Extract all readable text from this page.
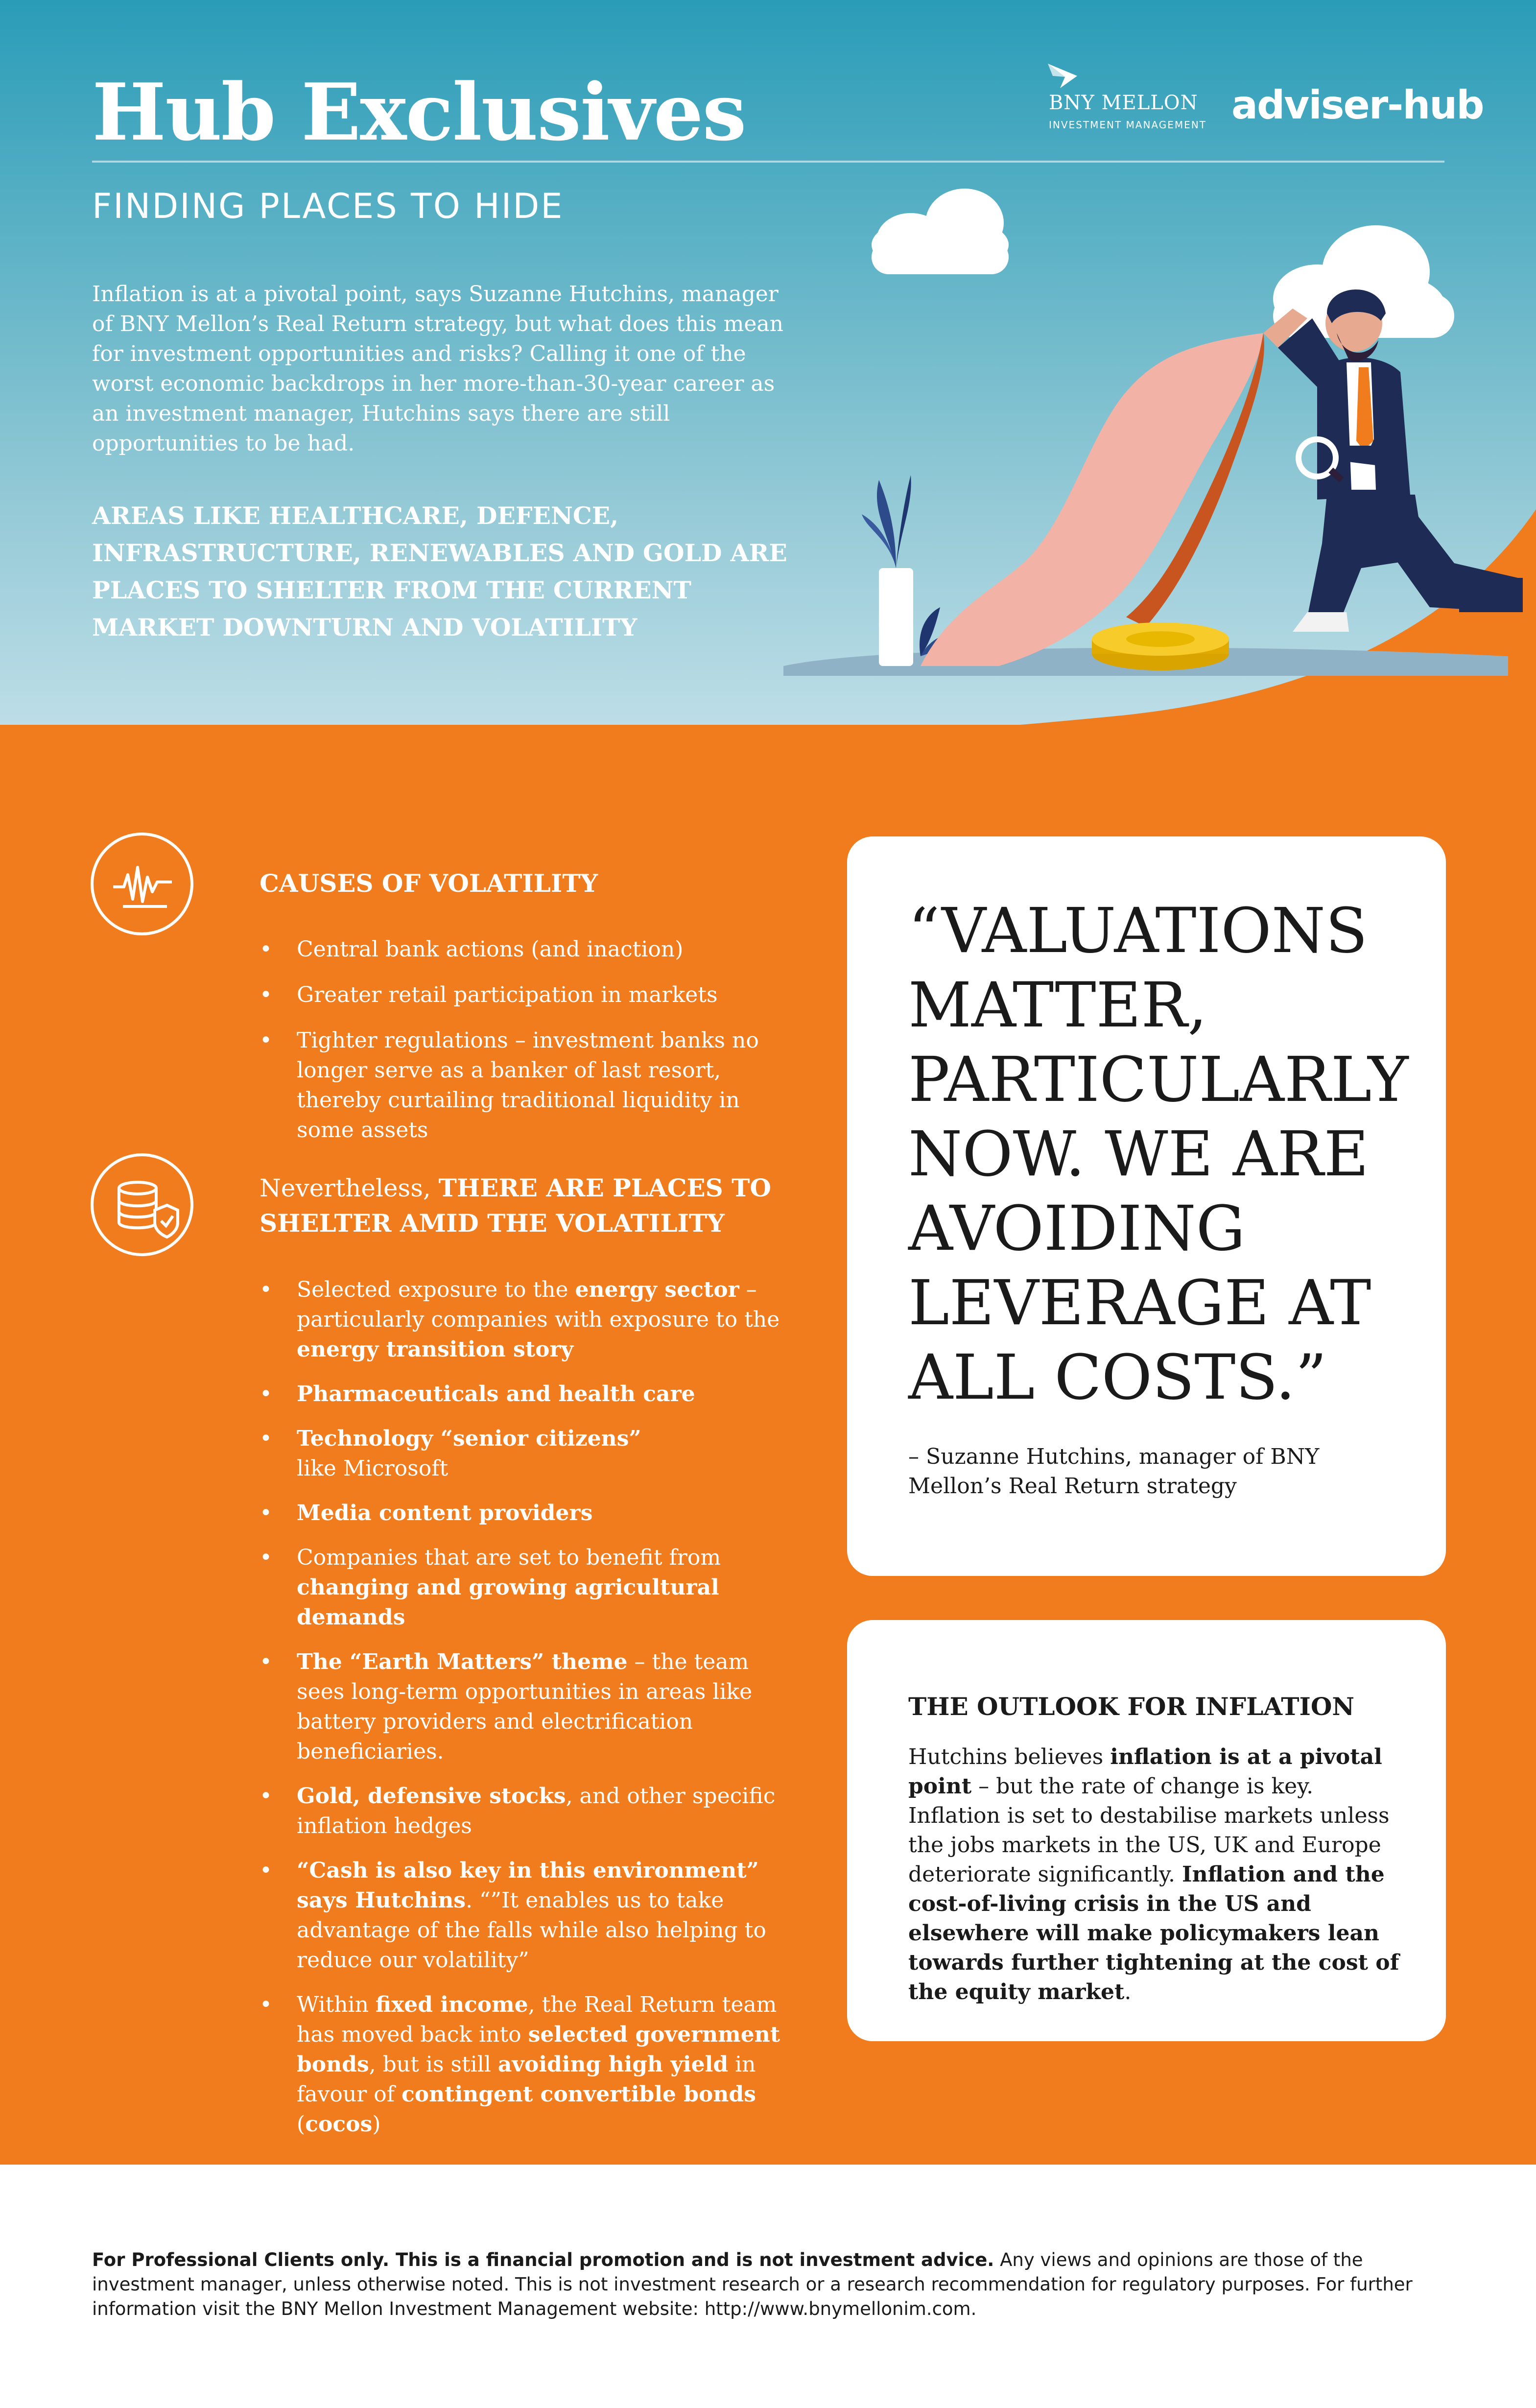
Hub Exclusives
FINDING PLACES TO HIDE
BNY MELLON
INVESTMENT MANAGEMENT adviser-hub

Inflation is at a pivotal point, says Suzanne Hutchins, manager of BNY Mellon’s Real Return strategy, but what does this mean for investment opportunities and risks? Calling it one of the worst economic backdrops in her more-than-30-year career as an investment manager, Hutchins says there are still opportunities to be had.

AREAS LIKE HEALTHCARE, DEFENCE, INFRASTRUCTURE, RENEWABLES AND GOLD ARE PLACES TO SHELTER FROM THE CURRENT MARKET DOWNTURN AND VOLATILITY

CAUSES OF VOLATILITY
• Central bank actions (and inaction)
• Greater retail participation in markets
• Tighter regulations – investment banks no longer serve as a banker of last resort, thereby curtailing traditional liquidity in some assets
Nevertheless, THERE ARE PLACES TO SHELTER AMID THE VOLATILITY
• Selected exposure to the energy sector – particularly companies with exposure to the energy transition story
• Pharmaceuticals and health care
• Technology “senior citizens”
like Microsoft
• Media content providers
• Companies that are set to benefit from changing and growing agricultural demands
• The “Earth Matters” theme – the team sees long-term opportunities in areas like battery providers and electrification beneficiaries.
• Gold, defensive stocks, and other specific inflation hedges
• “Cash is also key in this environment” says Hutchins. “”It enables us to take advantage of the falls while also helping to reduce our volatility”
• Within fixed income, the Real Return team has moved back into selected government bonds, but is still avoiding high yield in favour of contingent convertible bonds (cocos)

“VALUATIONS MATTER, PARTICULARLY NOW. WE ARE AVOIDING LEVERAGE AT ALL COSTS.”

– Suzanne Hutchins, manager of BNY Mellon’s Real Return strategy

THE OUTLOOK FOR INFLATION

Hutchins believes inflation is at a pivotal point – but the rate of change is key. Inflation is set to destabilise markets unless the jobs markets in the US, UK and Europe deteriorate significantly. Inflation and the cost-of-living crisis in the US and elsewhere will make policymakers lean towards further tightening at the cost of the equity market.

For Professional Clients only. This is a financial promotion and is not investment advice. Any views and opinions are those of the investment manager, unless otherwise noted. This is not investment research or a research recommendation for regulatory purposes. For further information visit the BNY Mellon Investment Management website: http://www.bnymellonim.com.
